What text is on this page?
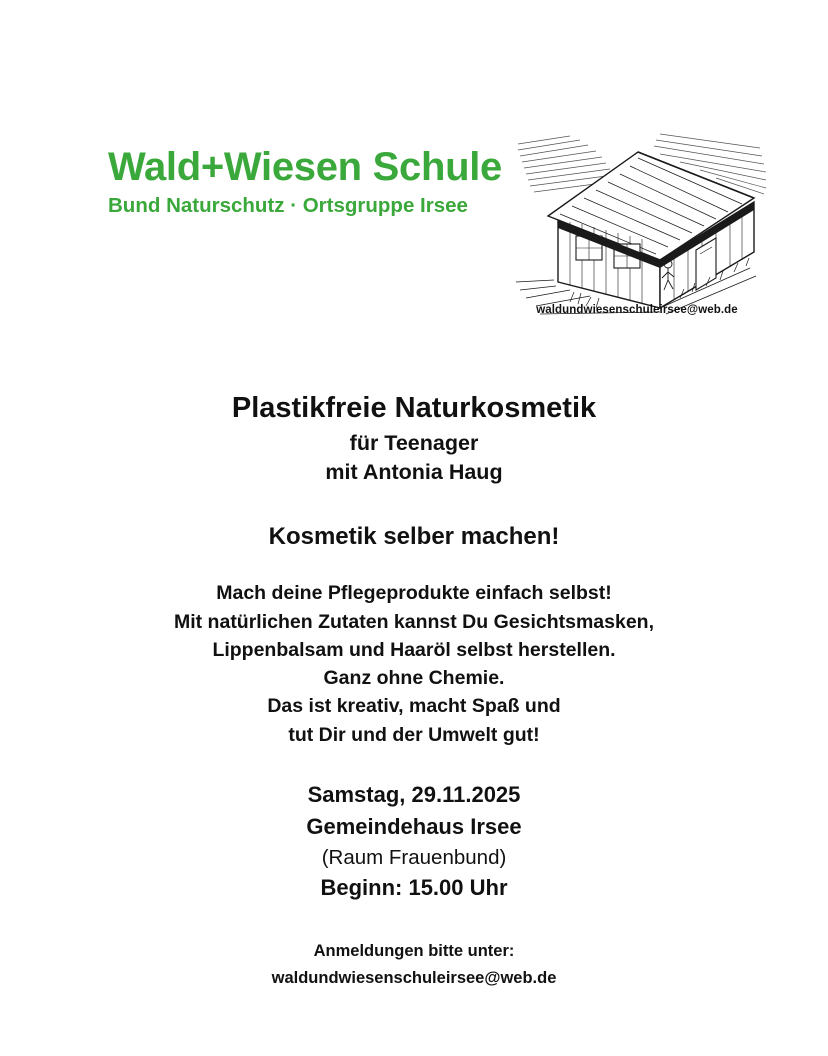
Wald+Wiesen Schule
Bund Naturschutz · Ortsgruppe Irsee
waldundwiesenschuleirsee@web.de
Plastikfreie Naturkosmetik
für Teenager
mit Antonia Haug
Kosmetik selber machen!
Mach deine Pflegeprodukte einfach selbst!
Mit natürlichen Zutaten kannst Du Gesichtsmasken,
Lippenbalsam und Haaröl selbst herstellen.
Ganz ohne Chemie.
Das ist kreativ, macht Spaß und
tut Dir und der Umwelt gut!
Samstag, 29.11.2025
Gemeindehaus Irsee
(Raum Frauenbund)
Beginn: 15.00 Uhr
Anmeldungen bitte unter:
waldundwiesenschuleirsee@web.de
